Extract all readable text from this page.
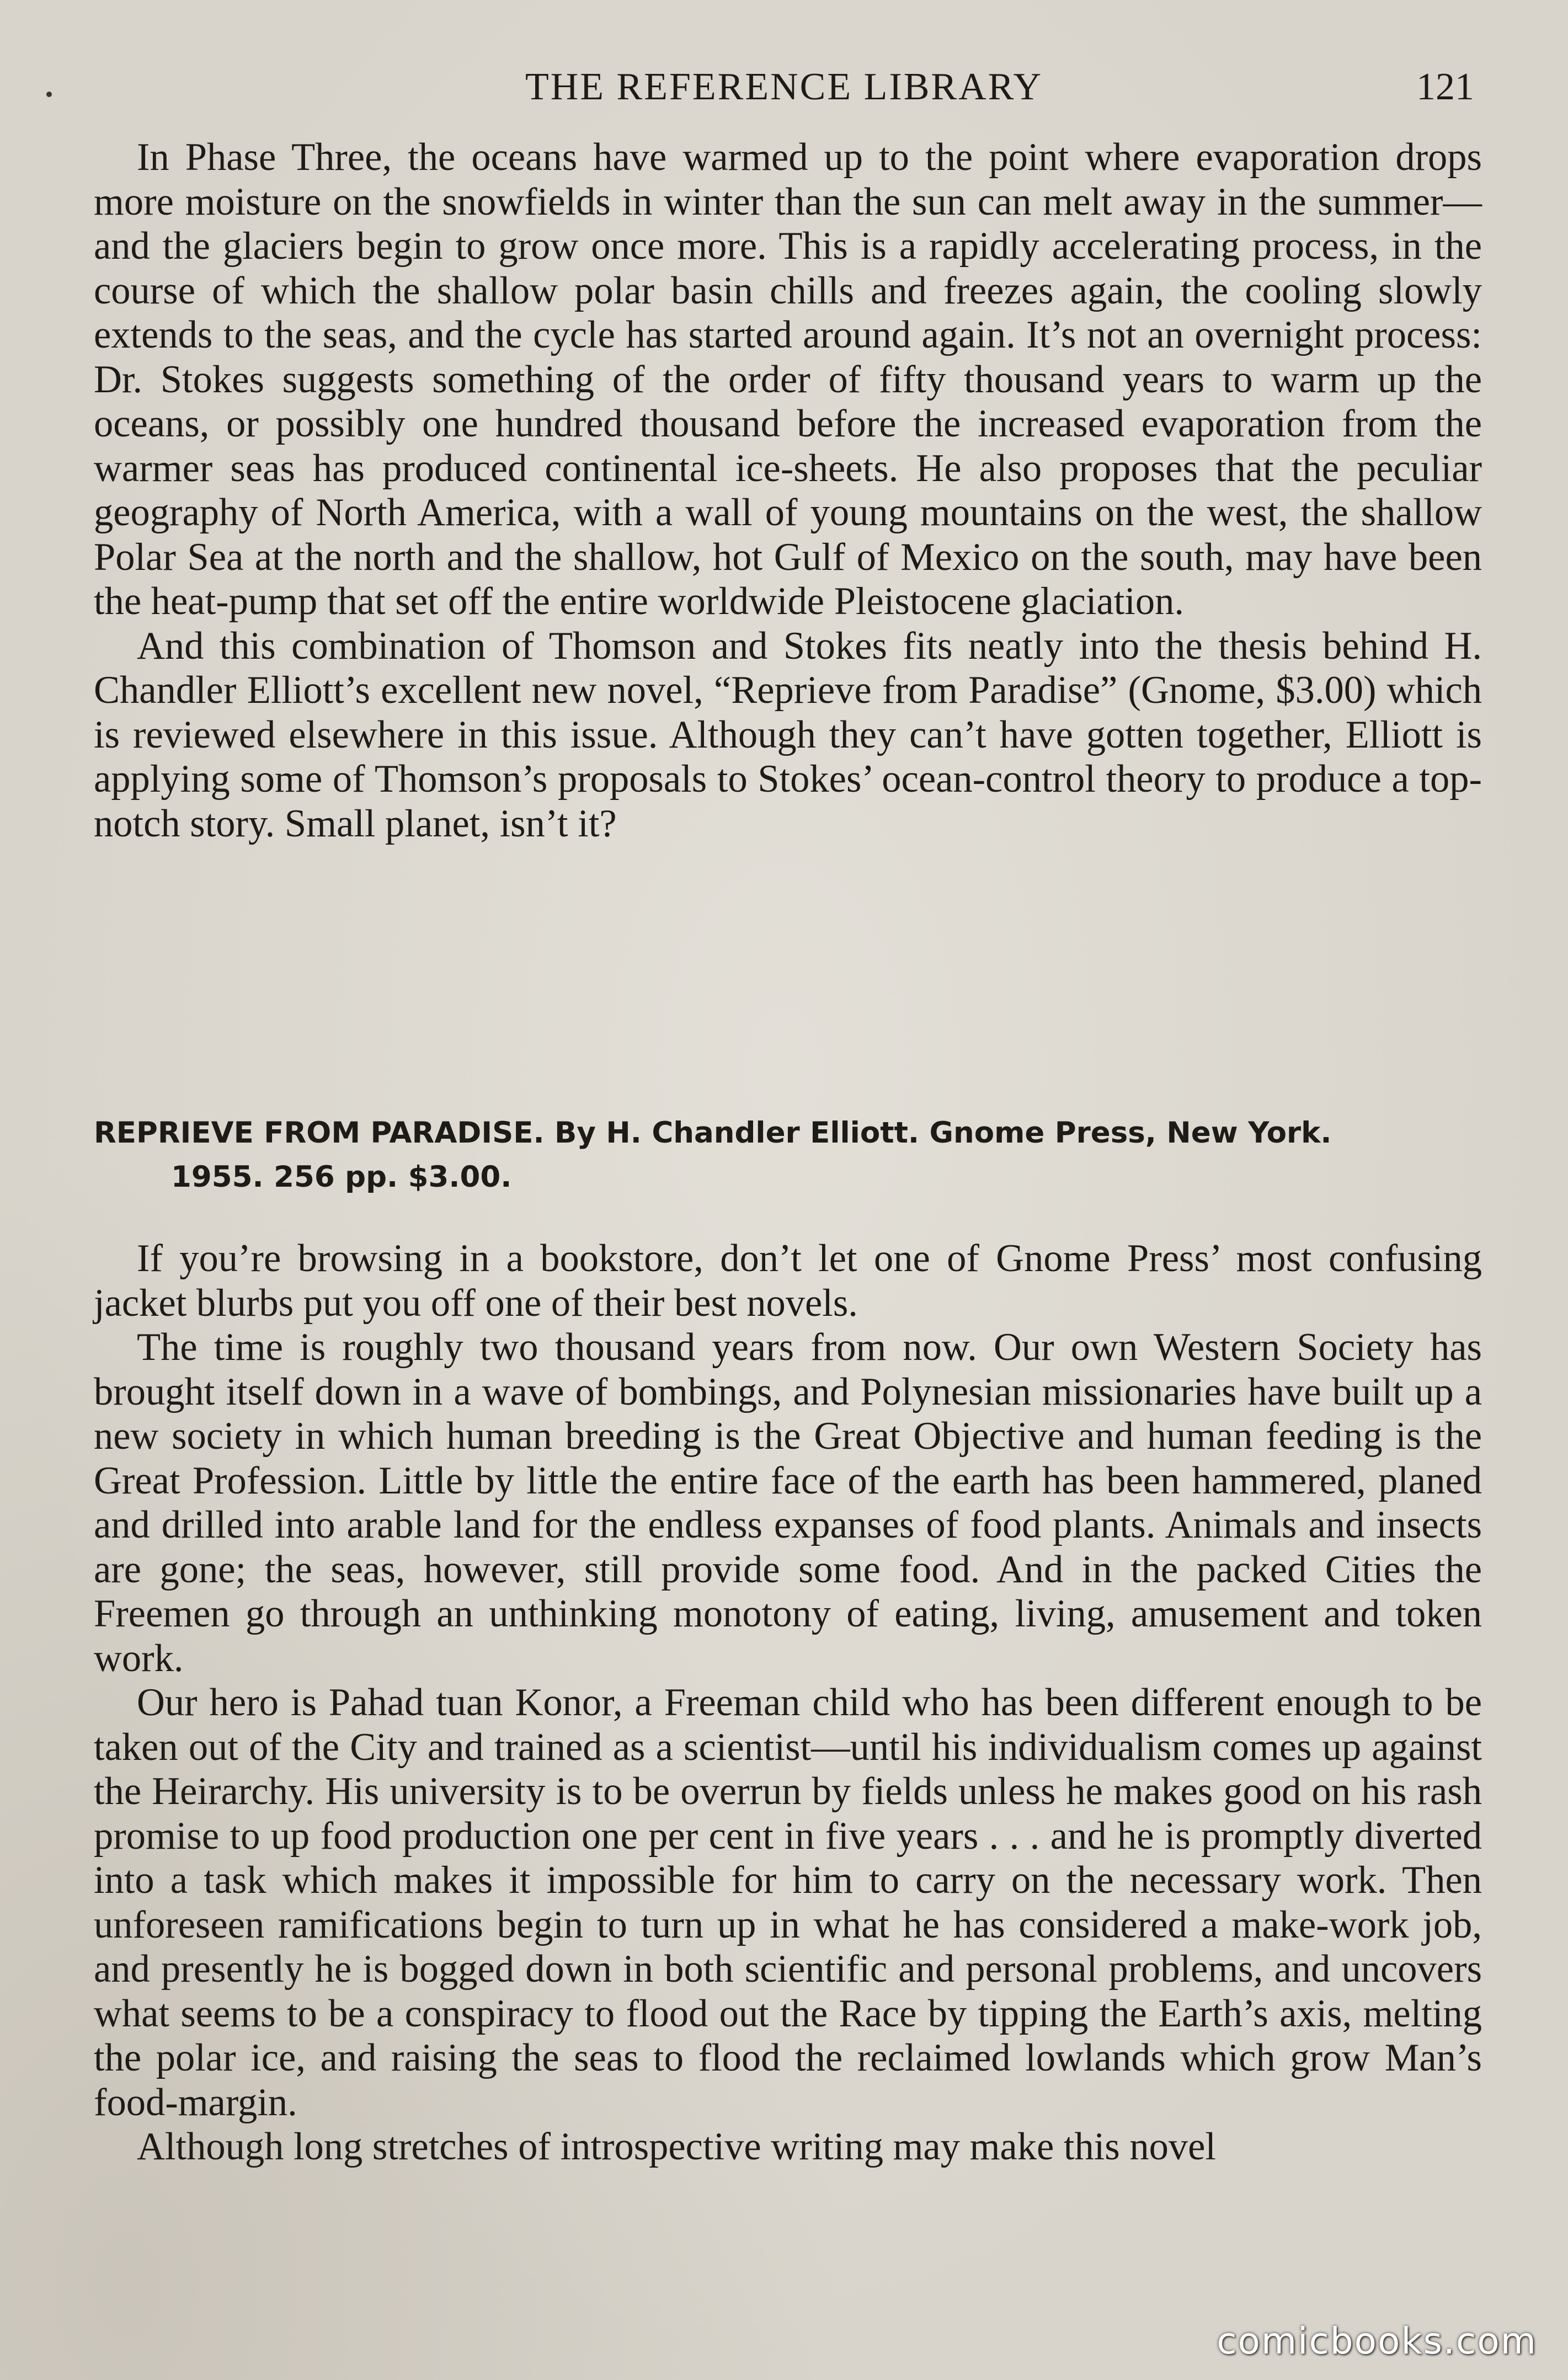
THE REFERENCE LIBRARY	121

In Phase Three, the oceans have warmed up to the point where evaporation drops more moisture on the snowfields in winter than the sun can melt away in the summer—and the glaciers begin to grow once more. This is a rapidly accelerating process, in the course of which the shallow polar basin chills and freezes again, the cooling slowly extends to the seas, and the cycle has started around again. It’s not an overnight process: Dr. Stokes suggests something of the order of fifty thousand years to warm up the oceans, or possibly one hundred thousand before the increased evaporation from the warmer seas has produced continental ice-sheets. He also proposes that the peculiar geography of North America, with a wall of young mountains on the west, the shallow Polar Sea at the north and the shallow, hot Gulf of Mexico on the south, may have been the heat-pump that set off the entire worldwide Pleistocene glaciation.

And this combination of Thomson and Stokes fits neatly into the thesis behind H. Chandler Elliott’s excellent new novel, “Reprieve from Paradise” (Gnome, $3.00) which is reviewed elsewhere in this issue. Although they can’t have gotten together, Elliott is applying some of Thomson’s proposals to Stokes’ ocean-control theory to produce a top-notch story. Small planet, isn’t it?

REPRIEVE FROM PARADISE. By H. Chandler Elliott. Gnome Press, New York.
1955. 256 pp. $3.00.

If you’re browsing in a bookstore, don’t let one of Gnome Press’ most confusing jacket blurbs put you off one of their best novels.

The time is roughly two thousand years from now. Our own Western Society has brought itself down in a wave of bombings, and Polynesian missionaries have built up a new society in which human breeding is the Great Objective and human feeding is the Great Profession. Little by little the entire face of the earth has been hammered, planed and drilled into arable land for the endless expanses of food plants. Animals and insects are gone; the seas, however, still provide some food. And in the packed Cities the Freemen go through an unthinking monotony of eating, living, amusement and token work.

Our hero is Pahad tuan Konor, a Freeman child who has been different enough to be taken out of the City and trained as a scientist—until his individualism comes up against the Heirarchy. His university is to be overrun by fields unless he makes good on his rash promise to up food production one per cent in five years . . . and he is promptly diverted into a task which makes it impossible for him to carry on the necessary work. Then unforeseen ramifications begin to turn up in what he has considered a make-work job, and presently he is bogged down in both scientific and personal problems, and uncovers what seems to be a conspiracy to flood out the Race by tipping the Earth’s axis, melting the polar ice, and raising the seas to flood the reclaimed lowlands which grow Man’s food-margin.

Although long stretches of introspective writing may make this novel

comicbooks.com
